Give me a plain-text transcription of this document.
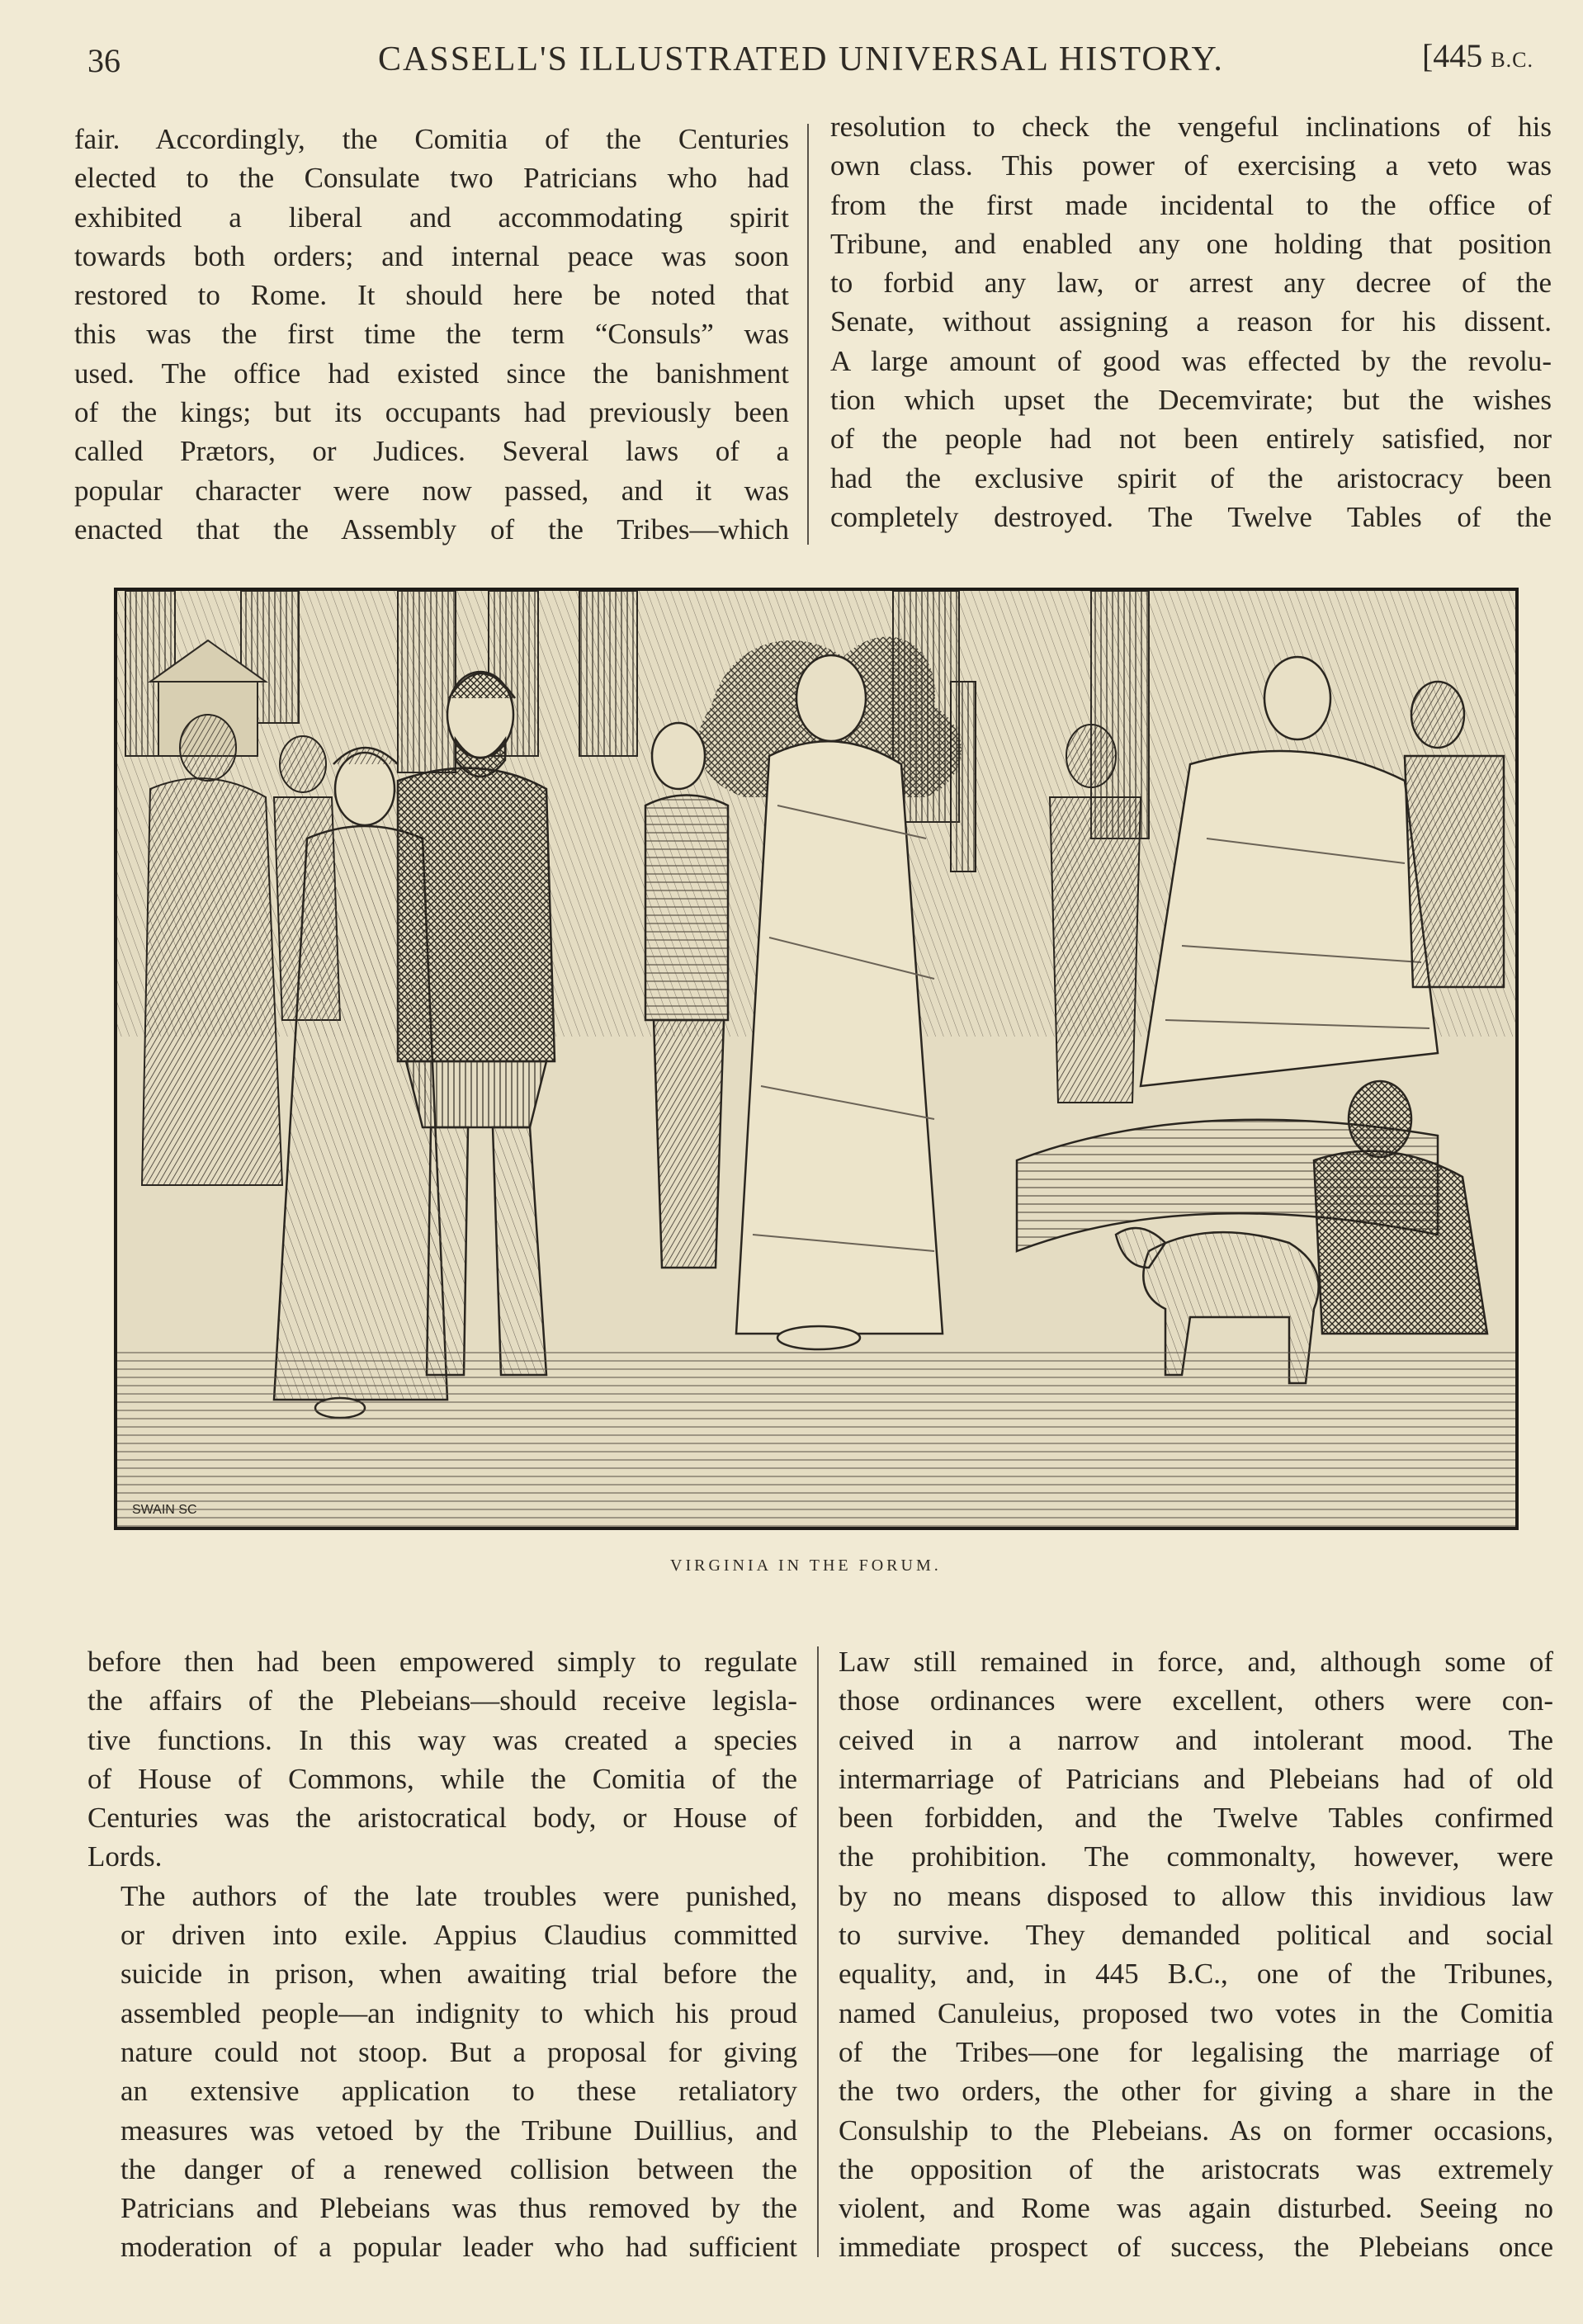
36	CASSELL'S ILLUSTRATED UNIVERSAL HISTORY.	[445 B.C.
fair. Accordingly, the Comitia of the Centuries
elected to the Consulate two Patricians who had
exhibited a liberal and accommodating spirit
towards both orders; and internal peace was soon
restored to Rome. It should here be noted that
this was the first time the term “Consuls” was
used. The office had existed since the banishment
of the kings; but its occupants had previously been
called Prætors, or Judices. Several laws of a
popular character were now passed, and it was
enacted that the Assembly of the Tribes—which
resolution to check the vengeful inclinations of his
own class. This power of exercising a veto was
from the first made incidental to the office of
Tribune, and enabled any one holding that position
to forbid any law, or arrest any decree of the
Senate, without assigning a reason for his dissent.
A large amount of good was effected by the revolu-
tion which upset the Decemvirate; but the wishes
of the people had not been entirely satisfied, nor
had the exclusive spirit of the aristocracy been
completely destroyed. The Twelve Tables of the
SWAIN SC
VIRGINIA IN THE FORUM.

before then had been empowered simply to regulate
the affairs of the Plebeians—should receive legisla-
tive functions. In this way was created a species
of House of Commons, while the Comitia of the
Centuries was the aristocratical body, or House of
Lords.

The authors of the late troubles were punished,
or driven into exile. Appius Claudius committed
suicide in prison, when awaiting trial before the
assembled people—an indignity to which his proud
nature could not stoop. But a proposal for giving
an extensive application to these retaliatory
measures was vetoed by the Tribune Duillius, and
the danger of a renewed collision between the
Patricians and Plebeians was thus removed by the
moderation of a popular leader who had sufficient

Law still remained in force, and, although some of
those ordinances were excellent, others were con-
ceived in a narrow and intolerant mood. The
intermarriage of Patricians and Plebeians had of old
been forbidden, and the Twelve Tables confirmed
the prohibition. The commonalty, however, were
by no means disposed to allow this invidious law
to survive. They demanded political and social
equality, and, in 445 B.C., one of the Tribunes,
named Canuleius, proposed two votes in the Comitia
of the Tribes—one for legalising the marriage of
the two orders, the other for giving a share in the
Consulship to the Plebeians. As on former occasions,
the opposition of the aristocrats was extremely
violent, and Rome was again disturbed. Seeing no
immediate prospect of success, the Plebeians once
